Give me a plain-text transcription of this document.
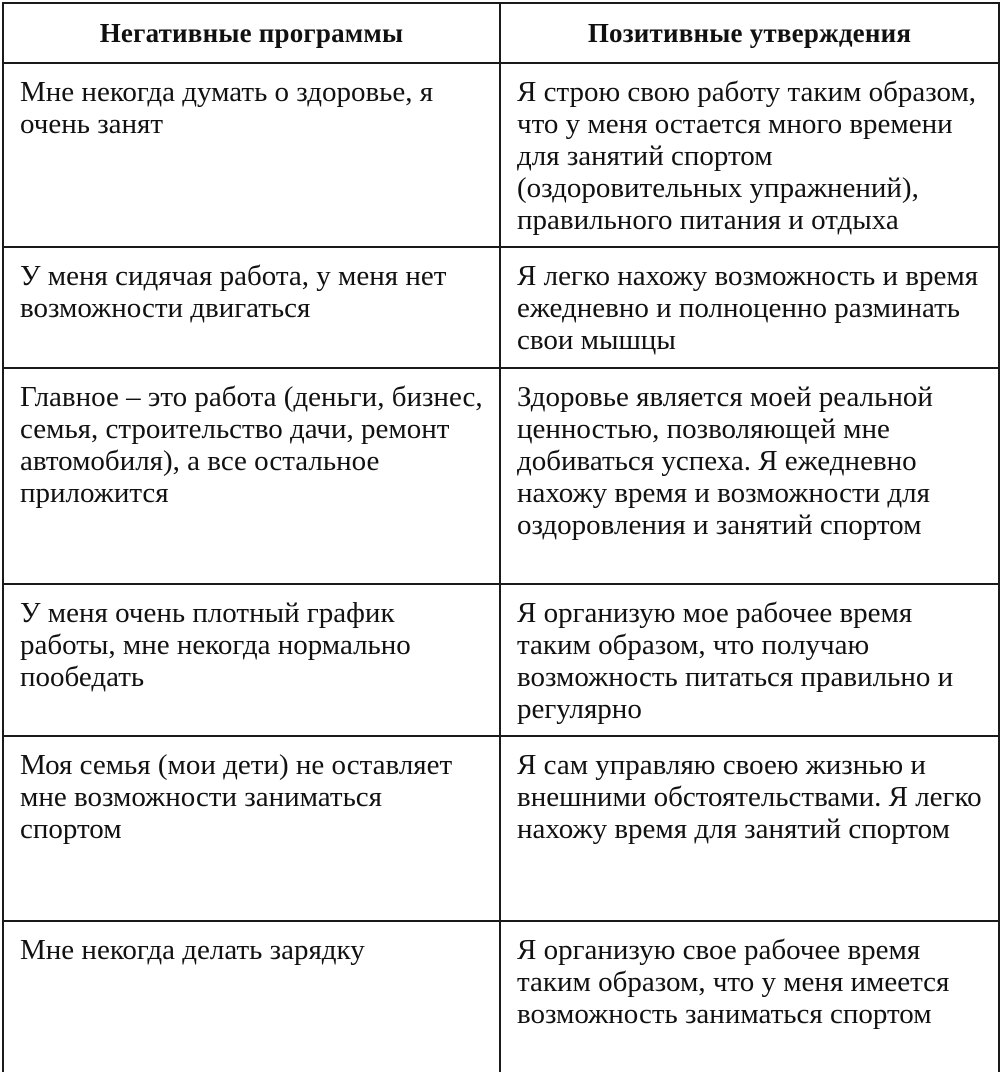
Негативные программы	Позитивные утверждения
Мне некогда думать о здоровье, я очень занят	Я строю свою работу таким образом, что у меня остается много времени для занятий спортом (оздоровительных упражнений), правильного питания и отдыха
У меня сидячая работа, у меня нет возможности двигаться	Я легко нахожу возможность и время ежедневно и полноценно разминать свои мышцы
Главное – это работа (деньги, бизнес, семья, строительство дачи, ремонт автомобиля), а все остальное приложится	Здоровье является моей реальной ценностью, позволяющей мне добиваться успеха. Я ежедневно нахожу время и возможности для оздоровления и занятий спортом
У меня очень плотный график работы, мне некогда нормально пообедать	Я организую мое рабочее время таким образом, что получаю возможность питаться правильно и регулярно
Моя семья (мои дети) не оставляет мне возможности заниматься спортом	Я сам управляю своею жизнью и внешними обстоятельствами. Я легко нахожу время для занятий спортом
Мне некогда делать зарядку	Я организую свое рабочее время таким образом, что у меня имеется возможность заниматься спортом
